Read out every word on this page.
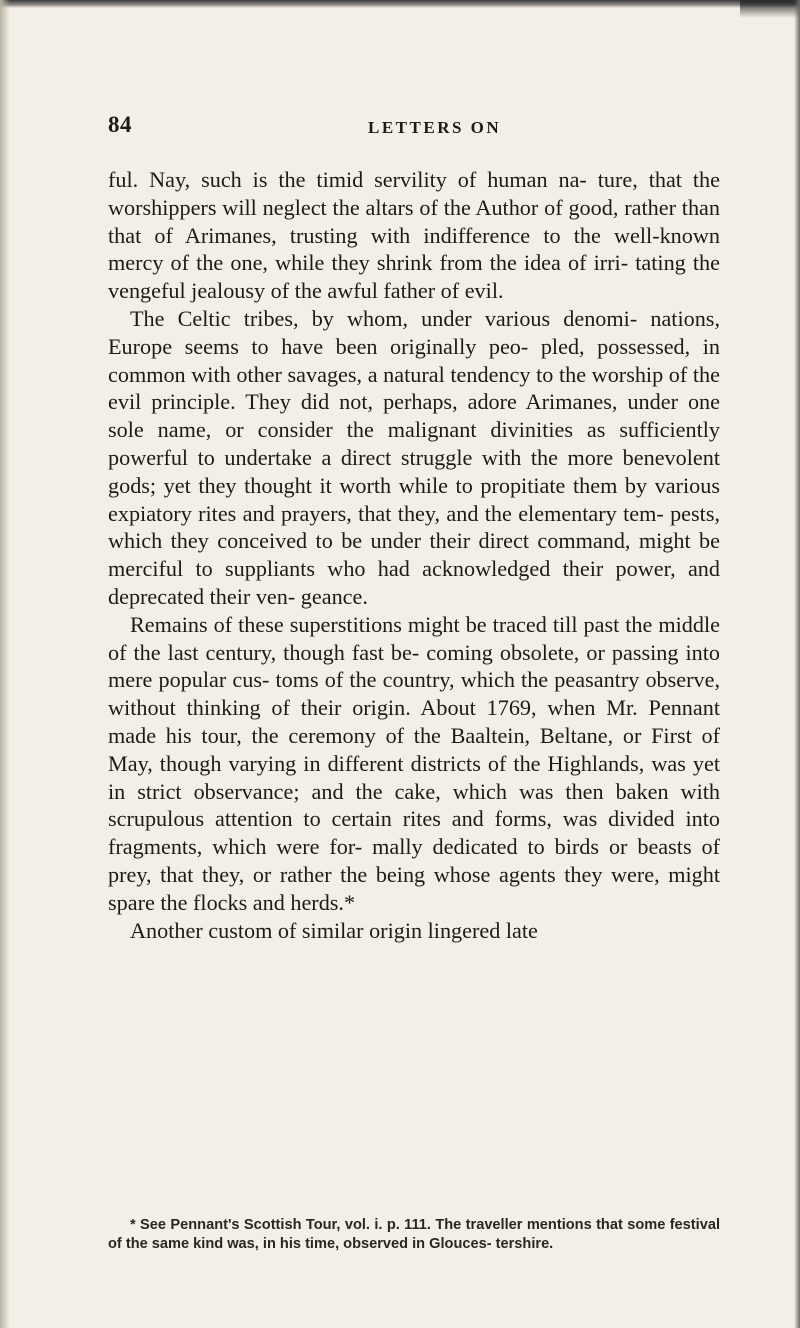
84	LETTERS ON

ful. Nay, such is the timid servility of human na- ture, that the worshippers will neglect the altars of the Author of good, rather than that of Arimanes, trusting with indifference to the well-known mercy of the one, while they shrink from the idea of irri- tating the vengeful jealousy of the awful father of evil.

The Celtic tribes, by whom, under various denomi- nations, Europe seems to have been originally peo- pled, possessed, in common with other savages, a natural tendency to the worship of the evil principle. They did not, perhaps, adore Arimanes, under one sole name, or consider the malignant divinities as sufficiently powerful to undertake a direct struggle with the more benevolent gods; yet they thought it worth while to propitiate them by various expiatory rites and prayers, that they, and the elementary tem- pests, which they conceived to be under their direct command, might be merciful to suppliants who had acknowledged their power, and deprecated their ven- geance.

Remains of these superstitions might be traced till past the middle of the last century, though fast be- coming obsolete, or passing into mere popular cus- toms of the country, which the peasantry observe, without thinking of their origin. About 1769, when Mr. Pennant made his tour, the ceremony of the Baaltein, Beltane, or First of May, though varying in different districts of the Highlands, was yet in strict observance; and the cake, which was then baken with scrupulous attention to certain rites and forms, was divided into fragments, which were for- mally dedicated to birds or beasts of prey, that they, or rather the being whose agents they were, might spare the flocks and herds.*

Another custom of similar origin lingered late

* See Pennant's Scottish Tour, vol. i. p. 111. The traveller mentions that some festival of the same kind was, in his time, observed in Glouces- tershire.
